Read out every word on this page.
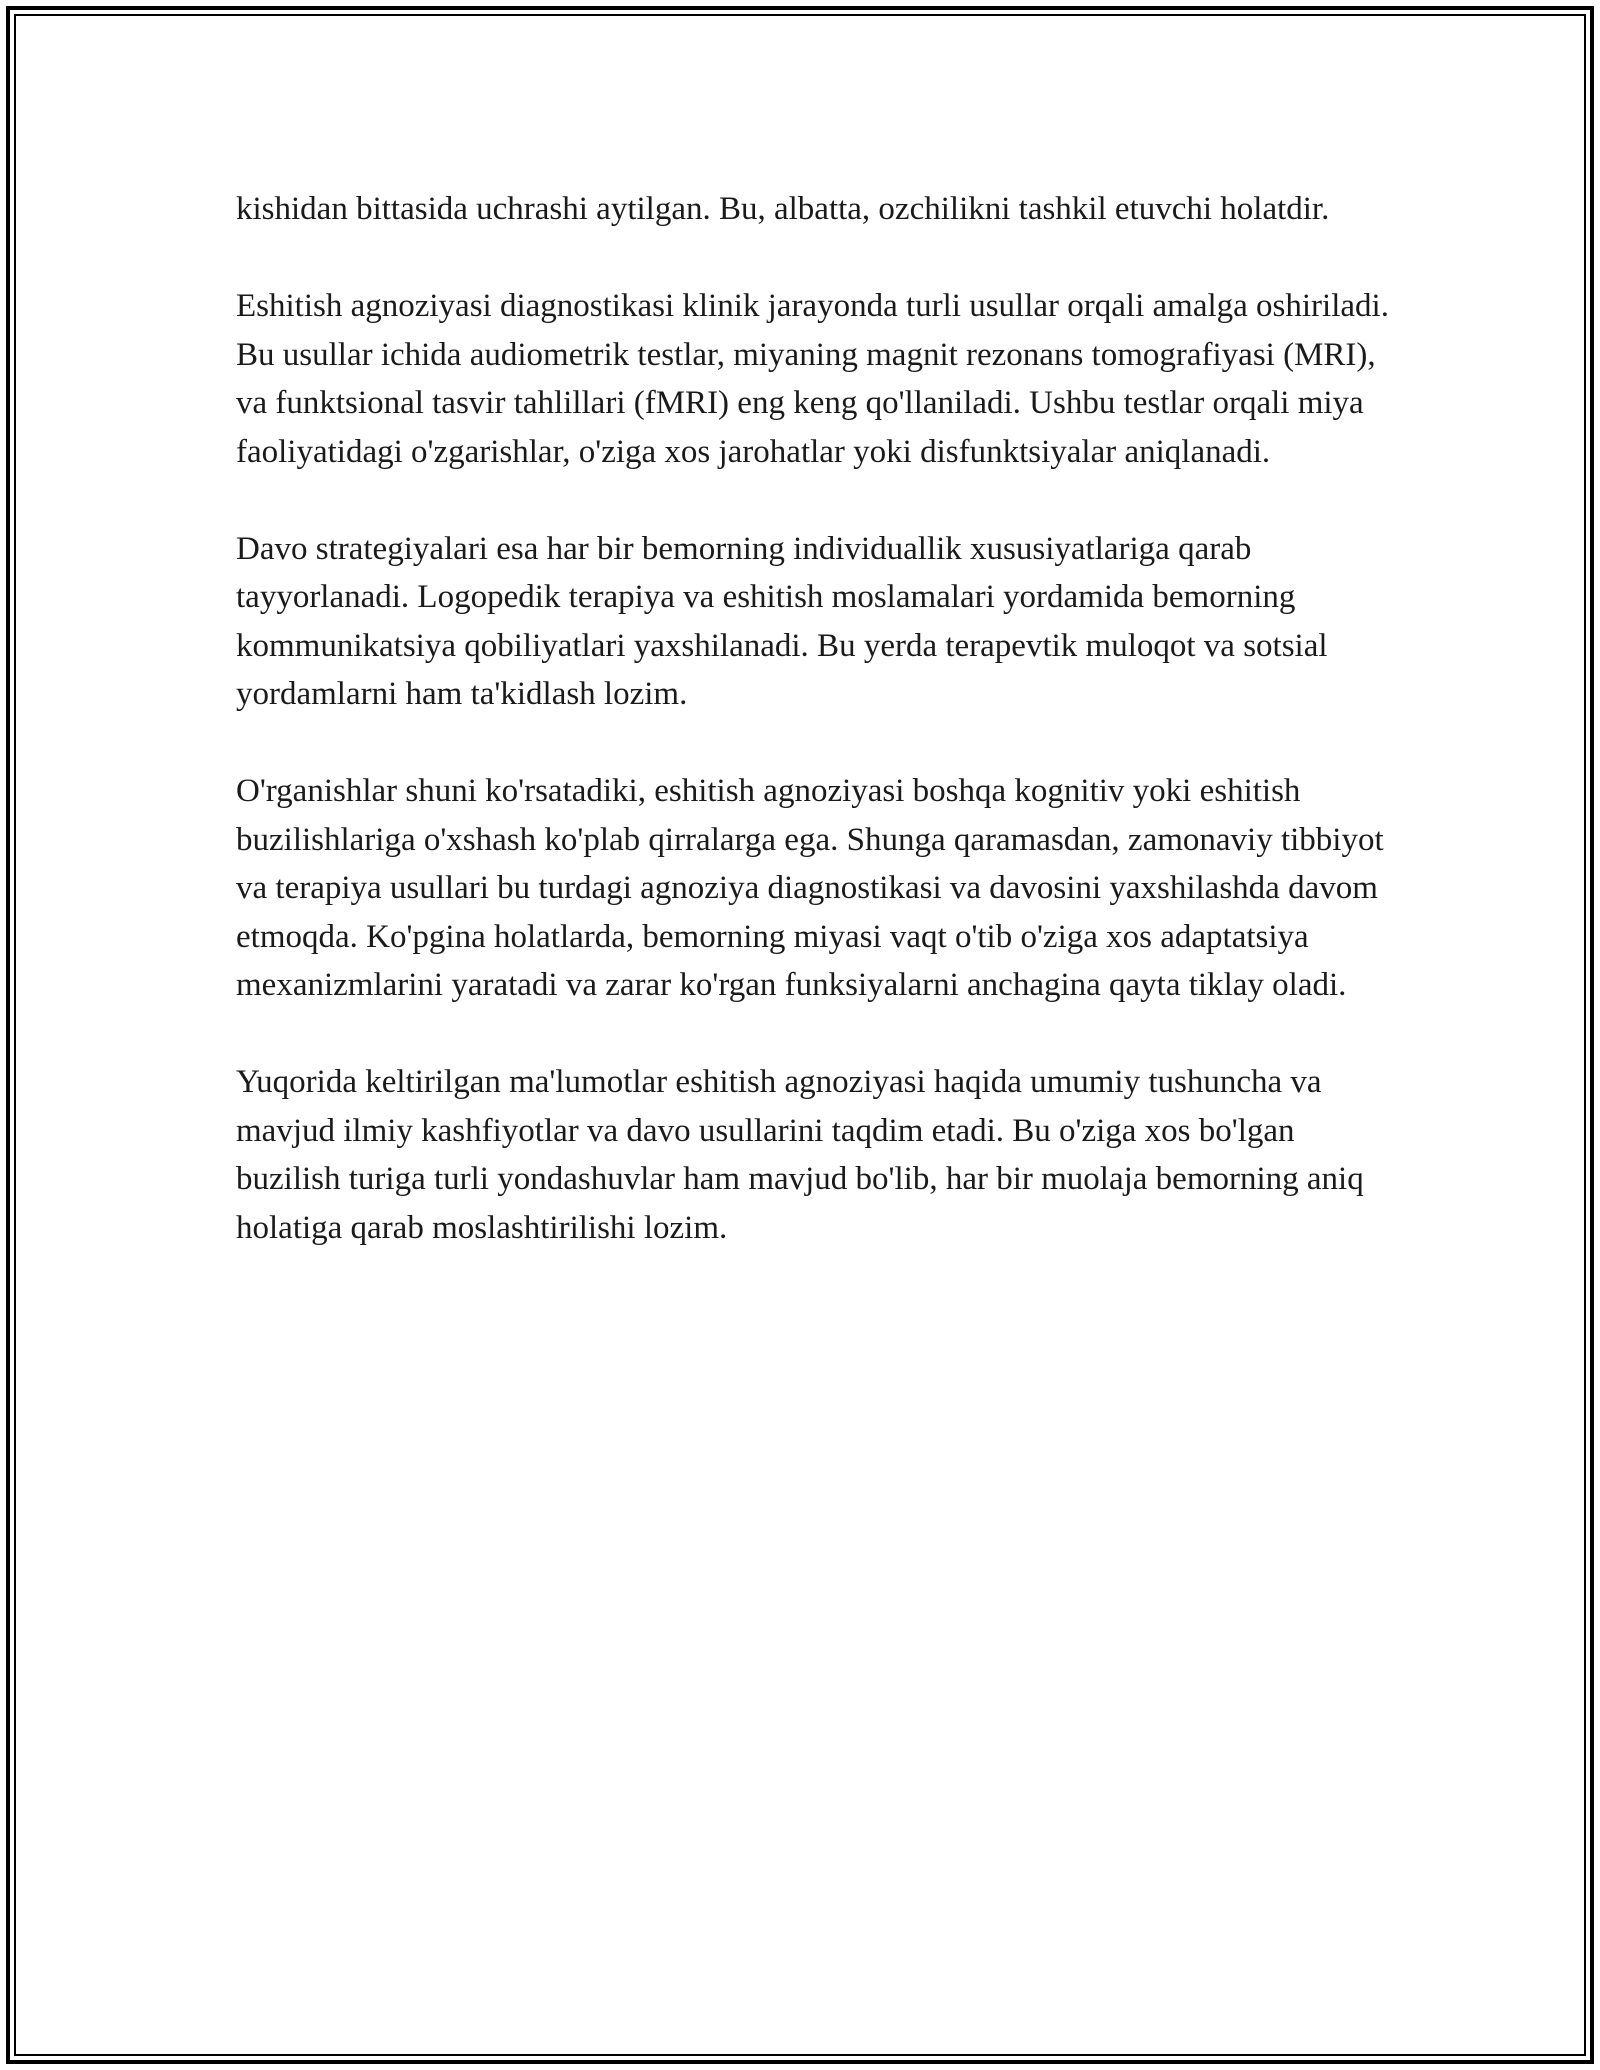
kishidan bittasida uchrashi aytilgan. Bu, albatta, ozchilikni tashkil etuvchi holatdir.

Eshitish agnoziyasi diagnostikasi klinik jarayonda turli usullar orqali amalga oshiriladi. Bu usullar ichida audiometrik testlar, miyaning magnit rezonans tomografiyasi (MRI), va funktsional tasvir tahlillari (fMRI) eng keng qo'llaniladi. Ushbu testlar orqali miya faoliyatidagi o'zgarishlar, o'ziga xos jarohatlar yoki disfunktsiyalar aniqlanadi.

Davo strategiyalari esa har bir bemorning individuallik xususiyatlariga qarab tayyorlanadi. Logopedik terapiya va eshitish moslamalari yordamida bemorning kommunikatsiya qobiliyatlari yaxshilanadi. Bu yerda terapevtik muloqot va sotsial yordamlarni ham ta'kidlash lozim.

O'rganishlar shuni ko'rsatadiki, eshitish agnoziyasi boshqa kognitiv yoki eshitish buzilishlariga o'xshash ko'plab qirralarga ega. Shunga qaramasdan, zamonaviy tibbiyot va terapiya usullari bu turdagi agnoziya diagnostikasi va davosini yaxshilashda davom etmoqda. Ko'pgina holatlarda, bemorning miyasi vaqt o'tib o'ziga xos adaptatsiya mexanizmlarini yaratadi va zarar ko'rgan funksiyalarni anchagina qayta tiklay oladi.

Yuqorida keltirilgan ma'lumotlar eshitish agnoziyasi haqida umumiy tushuncha va mavjud ilmiy kashfiyotlar va davo usullarini taqdim etadi. Bu o'ziga xos bo'lgan buzilish turiga turli yondashuvlar ham mavjud bo'lib, har bir muolaja bemorning aniq holatiga qarab moslashtirilishi lozim.
